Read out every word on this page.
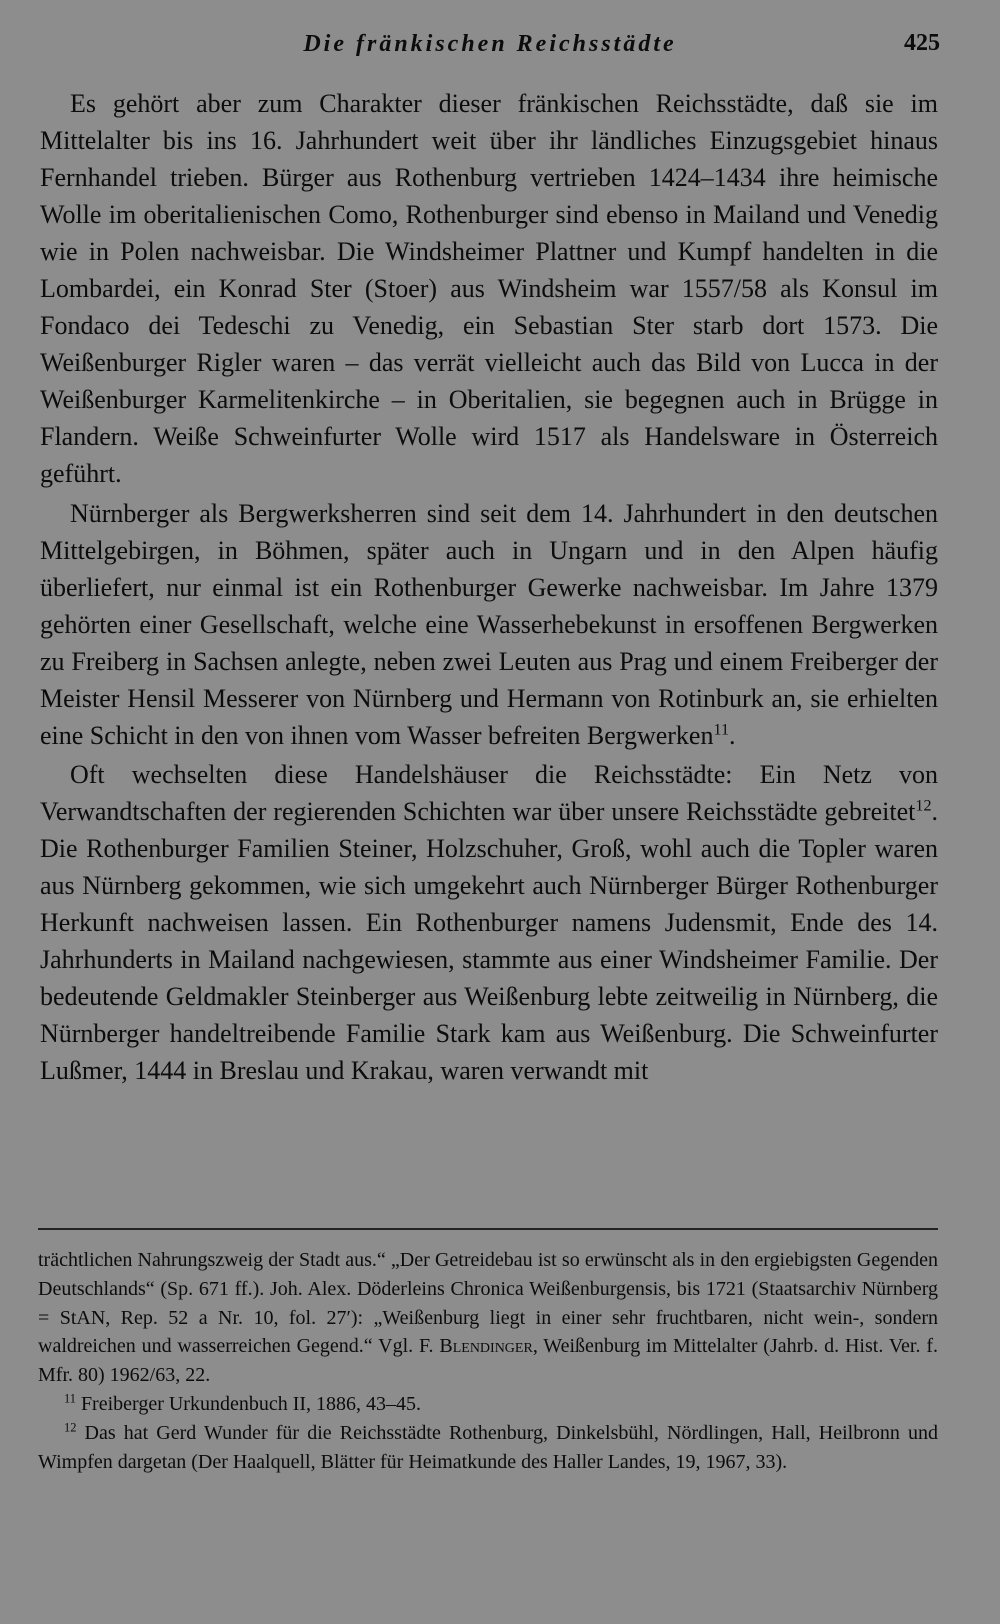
Die fränkischen Reichsstädte	425

Es gehört aber zum Charakter dieser fränkischen Reichsstädte, daß sie im Mittelalter bis ins 16. Jahrhundert weit über ihr ländliches Einzugsgebiet hinaus Fernhandel trieben. Bürger aus Rothenburg vertrieben 1424–1434 ihre heimische Wolle im oberitalienischen Como, Rothenburger sind ebenso in Mailand und Venedig wie in Polen nachweisbar. Die Windsheimer Plattner und Kumpf handelten in die Lombardei, ein Konrad Ster (Stoer) aus Windsheim war 1557/58 als Konsul im Fondaco dei Tedeschi zu Venedig, ein Sebastian Ster starb dort 1573. Die Weißenburger Rigler waren – das verrät vielleicht auch das Bild von Lucca in der Weißenburger Karmelitenkirche – in Oberitalien, sie begegnen auch in Brügge in Flandern. Weiße Schweinfurter Wolle wird 1517 als Handelsware in Österreich geführt.

Nürnberger als Bergwerksherren sind seit dem 14. Jahrhundert in den deutschen Mittelgebirgen, in Böhmen, später auch in Ungarn und in den Alpen häufig überliefert, nur einmal ist ein Rothenburger Gewerke nachweisbar. Im Jahre 1379 gehörten einer Gesellschaft, welche eine Wasserhebekunst in ersoffenen Bergwerken zu Freiberg in Sachsen anlegte, neben zwei Leuten aus Prag und einem Freiberger der Meister Hensil Messerer von Nürnberg und Hermann von Rotinburk an, sie erhielten eine Schicht in den von ihnen vom Wasser befreiten Bergwerken$^{11}$.

Oft wechselten diese Handelshäuser die Reichsstädte: Ein Netz von Verwandtschaften der regierenden Schichten war über unsere Reichsstädte gebreitet$^{12}$. Die Rothenburger Familien Steiner, Holzschuher, Groß, wohl auch die Topler waren aus Nürnberg gekommen, wie sich umgekehrt auch Nürnberger Bürger Rothenburger Herkunft nachweisen lassen. Ein Rothenburger namens Judensmit, Ende des 14. Jahrhunderts in Mailand nachgewiesen, stammte aus einer Windsheimer Familie. Der bedeutende Geldmakler Steinberger aus Weißenburg lebte zeitweilig in Nürnberg, die Nürnberger handeltreibende Familie Stark kam aus Weißenburg. Die Schweinfurter Lußmer, 1444 in Breslau und Krakau, waren verwandt mit

trächtlichen Nahrungszweig der Stadt aus.“ „Der Getreidebau ist so erwünscht als in den ergiebigsten Gegenden Deutschlands“ (Sp. 671 ff.). Joh. Alex. Döderleins Chronica Weißenburgensis, bis 1721 (Staatsarchiv Nürnberg = StAN, Rep. 52 a Nr. 10, fol. 27′): „Weißenburg liegt in einer sehr fruchtbaren, nicht wein-, sondern waldreichen und wasserreichen Gegend.“ Vgl. F. Blendinger, Weißenburg im Mittelalter (Jahrb. d. Hist. Ver. f. Mfr. 80) 1962/63, 22.

$^{11}$ Freiberger Urkundenbuch II, 1886, 43–45.

$^{12}$ Das hat Gerd Wunder für die Reichsstädte Rothenburg, Dinkelsbühl, Nördlingen, Hall, Heilbronn und Wimpfen dargetan (Der Haalquell, Blätter für Heimatkunde des Haller Landes, 19, 1967, 33).
